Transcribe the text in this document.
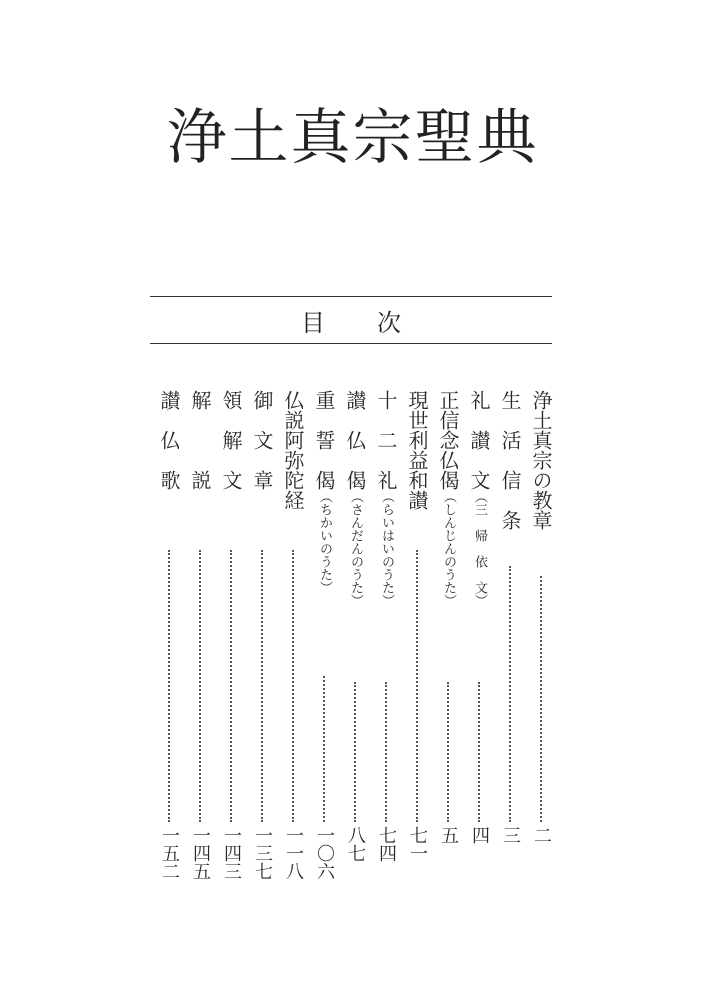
浄土真宗聖典
目次
浄土真宗の教章
二
生　活　信　条
三
礼　讃　文（三　帰　依　文）
四
正信念仏偈（しんじんのうた）
五
現世利益和讃
七一
十　二　礼（らいはいのうた）
七四
讃　仏　偈（さんだんのうた）
八七
重　誓　偈（ちかいのうた）
一〇六
仏説阿弥陀経
一一八
御　文　章
一三七
領　解　文
一四三
解　　　説
一四五
讃　仏　歌
一五二
